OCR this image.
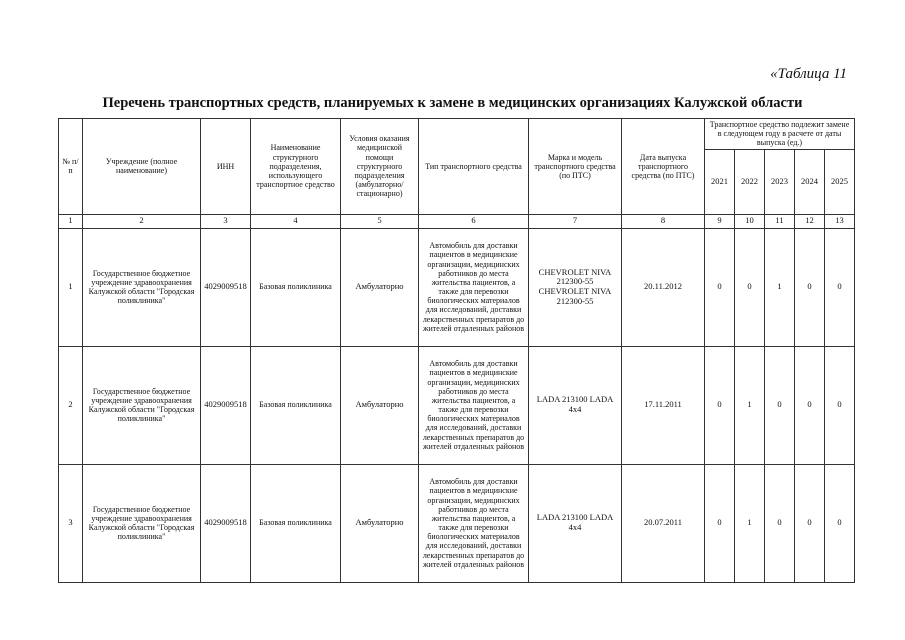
«Таблица 11
Перечень транспортных средств, планируемых к замене в медицинских организациях Калужской области
№ п/п	Учреждение (полное наименование)	ИНН	Наименование структурного подразделения, использующего транспортное средство	Условия оказания медицинской помощи структурного подразделения (амбулаторно/стационарно)	Тип транспортного средства	Марка и модель транспортного средства (по ПТС)	Дата выпуска транспортного средства (по ПТС)	Транспортное средство подлежит замене в следующем году в расчете от даты выпуска (ед.)				
								2021	2022	2023	2024	2025
1	2	3	4	5	6	7	8	9	10	11	12	13
1	Государственное бюджетное учреждение здравоохранения Калужской области "Городская поликлиника"	4029009518	Базовая поликлиника	Амбулаторно	Автомобиль для доставки пациентов в медицинские организации, медицинских работников до места жительства пациентов, а также для перевозки биологических материалов для исследований, доставки лекарственных препаратов до жителей отдаленных районов	CHEVROLET NIVA 212300-55 CHEVROLET NIVA 212300-55	20.11.2012	0	0	1	0	0
2	Государственное бюджетное учреждение здравоохранения Калужской области "Городская поликлиника"	4029009518	Базовая поликлиника	Амбулаторно	Автомобиль для доставки пациентов в медицинские организации, медицинских работников до места жительства пациентов, а также для перевозки биологических материалов для исследований, доставки лекарственных препаратов до жителей отдаленных районов	LADA 213100 LADA 4x4	17.11.2011	0	1	0	0	0
3	Государственное бюджетное учреждение здравоохранения Калужской области "Городская поликлиника"	4029009518	Базовая поликлиника	Амбулаторно	Автомобиль для доставки пациентов в медицинские организации, медицинских работников до места жительства пациентов, а также для перевозки биологических материалов для исследований, доставки лекарственных препаратов до жителей отдаленных районов	LADA 213100 LADA 4x4	20.07.2011	0	1	0	0	0
